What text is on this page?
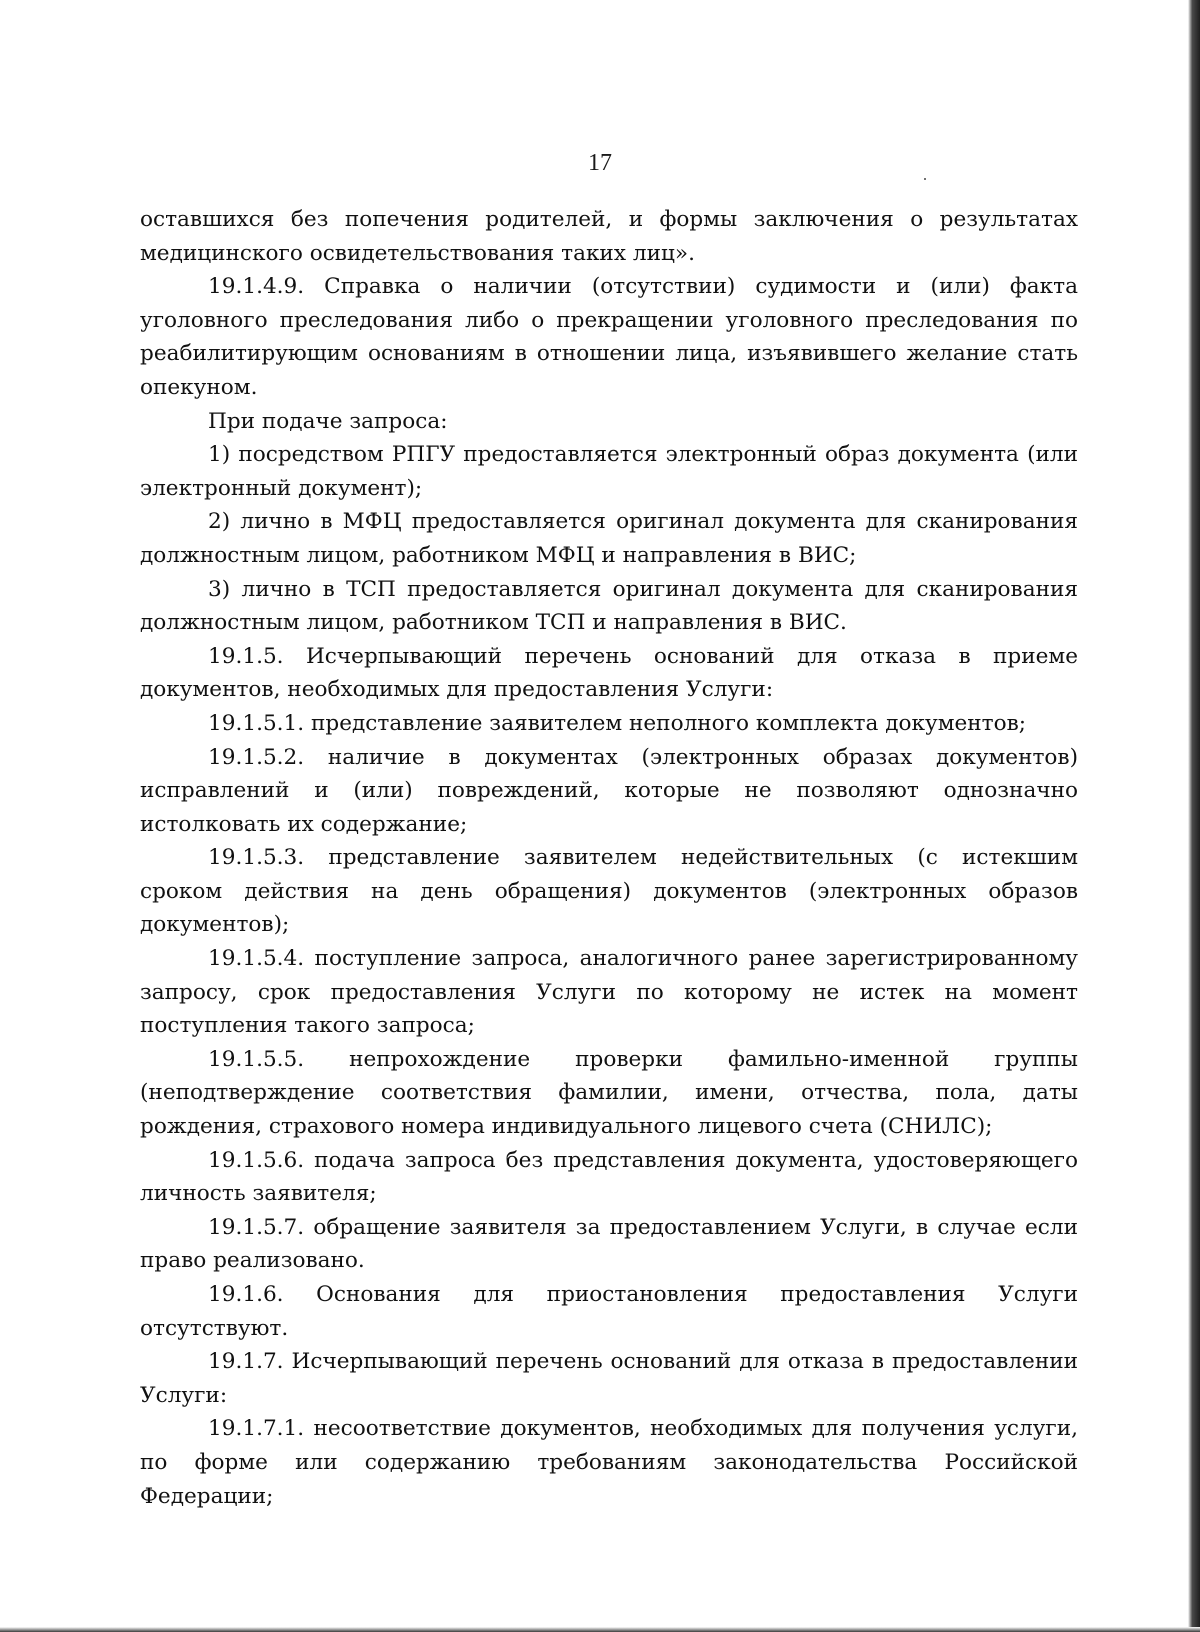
17

оставшихся без попечения родителей, и формы заключения о результатах медицинского освидетельствования таких лиц».

19.1.4.9. Справка о наличии (отсутствии) судимости и (или) факта уголовного преследования либо о прекращении уголовного преследования по реабилитирующим основаниям в отношении лица, изъявившего желание стать опекуном.

При подаче запроса:

1) посредством РПГУ предоставляется электронный образ документа (или электронный документ);

2) лично в МФЦ предоставляется оригинал документа для сканирования должностным лицом, работником МФЦ и направления в ВИС;

3) лично в ТСП предоставляется оригинал документа для сканирования должностным лицом, работником ТСП и направления в ВИС.

19.1.5. Исчерпывающий перечень оснований для отказа в приеме документов, необходимых для предоставления Услуги:

19.1.5.1. представление заявителем неполного комплекта документов;

19.1.5.2. наличие в документах (электронных образах документов) исправлений и (или) повреждений, которые не позволяют однозначно истолковать их содержание;

19.1.5.3. представление заявителем недействительных (с истекшим сроком действия на день обращения) документов (электронных образов документов);

19.1.5.4. поступление запроса, аналогичного ранее зарегистрированному запросу, срок предоставления Услуги по которому не истек на момент поступления такого запроса;

19.1.5.5. непрохождение проверки фамильно-именной группы (неподтверждение соответствия фамилии, имени, отчества, пола, даты рождения, страхового номера индивидуального лицевого счета (СНИЛС);

19.1.5.6. подача запроса без представления документа, удостоверяющего личность заявителя;

19.1.5.7. обращение заявителя за предоставлением Услуги, в случае если право реализовано.

19.1.6. Основания для приостановления предоставления Услуги отсутствуют.

19.1.7. Исчерпывающий перечень оснований для отказа в предоставлении Услуги:

19.1.7.1. несоответствие документов, необходимых для получения услуги, по форме или содержанию требованиям законодательства Российской Федерации;
